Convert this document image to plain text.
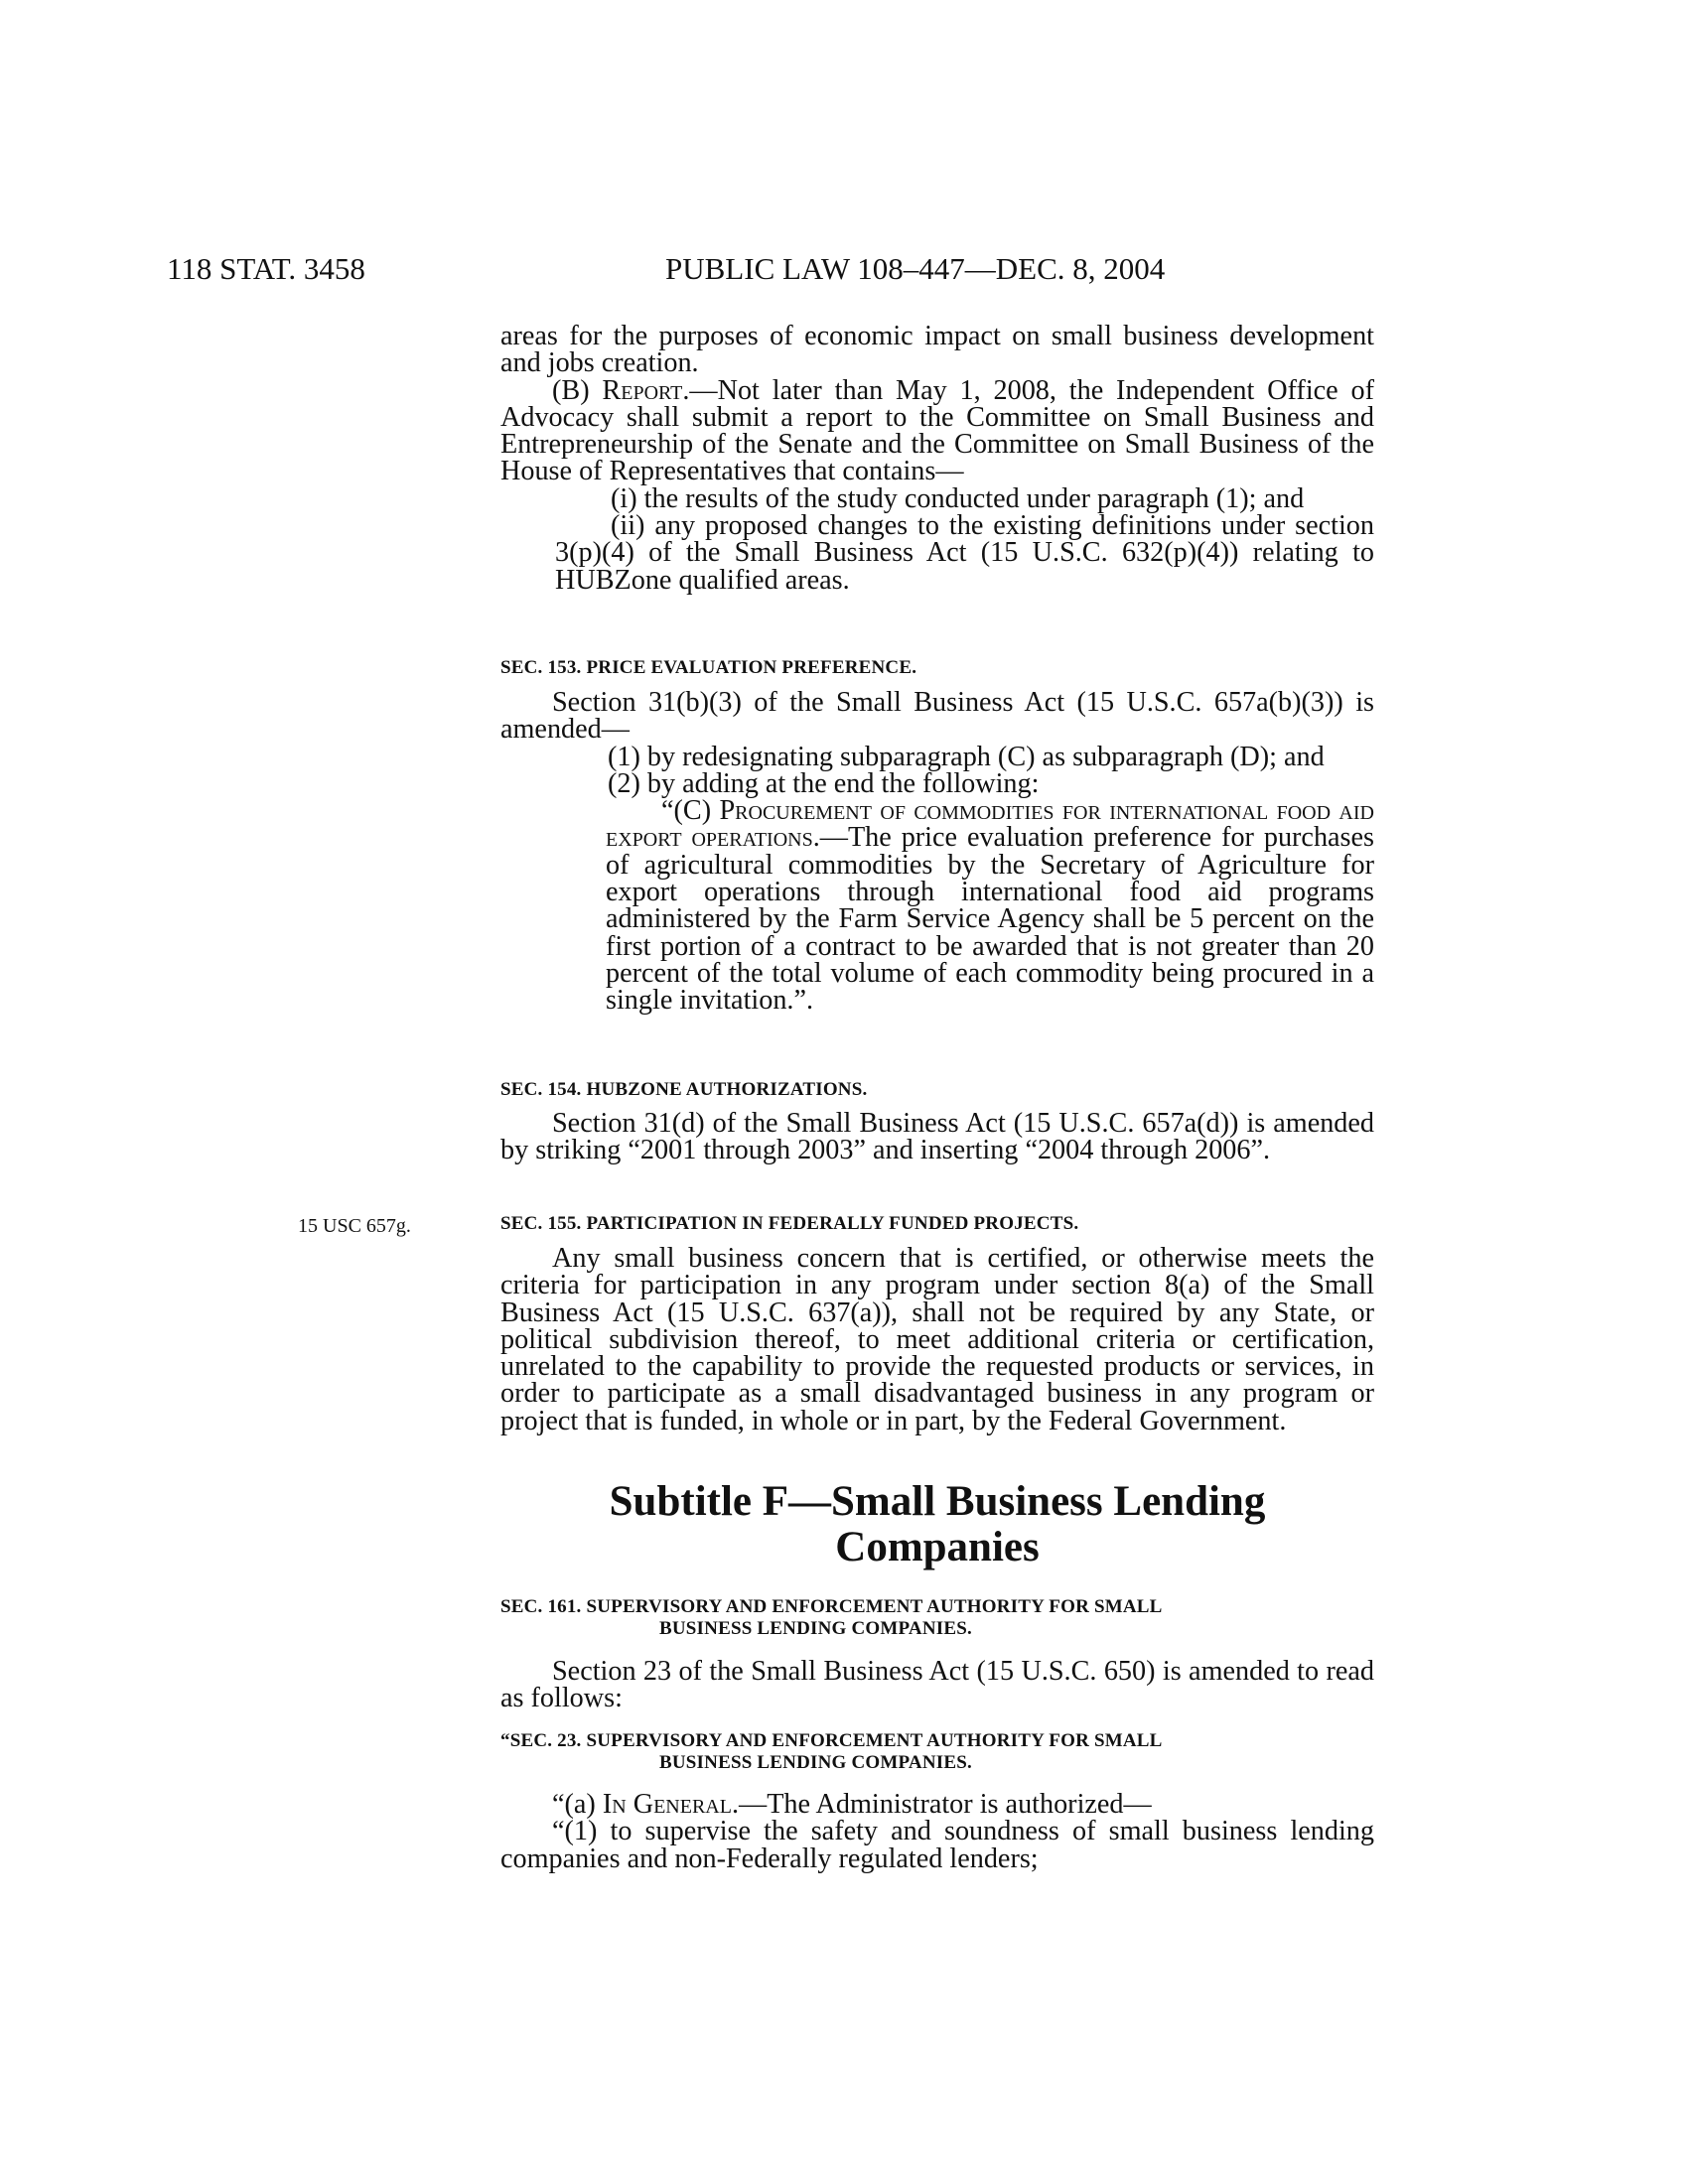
118 STAT. 3458	PUBLIC LAW 108–447—DEC. 8, 2004

areas for the purposes of economic impact on small business development and jobs creation.

(B) Report.—Not later than May 1, 2008, the Independent Office of Advocacy shall submit a report to the Committee on Small Business and Entrepreneurship of the Senate and the Committee on Small Business of the House of Representatives that contains—

(i) the results of the study conducted under paragraph (1); and

(ii) any proposed changes to the existing definitions under section 3(p)(4) of the Small Business Act (15 U.S.C. 632(p)(4)) relating to HUBZone qualified areas.

SEC. 153. PRICE EVALUATION PREFERENCE.

Section 31(b)(3) of the Small Business Act (15 U.S.C. 657a(b)(3)) is amended—

(1) by redesignating subparagraph (C) as subparagraph (D); and

(2) by adding at the end the following:

“(C) Procurement of commodities for international food aid export operations.—The price evaluation preference for purchases of agricultural commodities by the Secretary of Agriculture for export operations through international food aid programs administered by the Farm Service Agency shall be 5 percent on the first portion of a contract to be awarded that is not greater than 20 percent of the total volume of each commodity being procured in a single invitation.”.

SEC. 154. HUBZONE AUTHORIZATIONS.

Section 31(d) of the Small Business Act (15 U.S.C. 657a(d)) is amended by striking “2001 through 2003” and inserting “2004 through 2006”.

15 USC 657g.	SEC. 155. PARTICIPATION IN FEDERALLY FUNDED PROJECTS.

Any small business concern that is certified, or otherwise meets the criteria for participation in any program under section 8(a) of the Small Business Act (15 U.S.C. 637(a)), shall not be required by any State, or political subdivision thereof, to meet additional criteria or certification, unrelated to the capability to provide the requested products or services, in order to participate as a small disadvantaged business in any program or project that is funded, in whole or in part, by the Federal Government.

Subtitle F—Small Business Lending
Companies
SEC. 161. SUPERVISORY AND ENFORCEMENT AUTHORITY FOR SMALL
BUSINESS LENDING COMPANIES.

Section 23 of the Small Business Act (15 U.S.C. 650) is amended to read as follows:

“SEC. 23. SUPERVISORY AND ENFORCEMENT AUTHORITY FOR SMALL
BUSINESS LENDING COMPANIES.

“(a) In General.—The Administrator is authorized—

“(1) to supervise the safety and soundness of small business lending companies and non-Federally regulated lenders;
